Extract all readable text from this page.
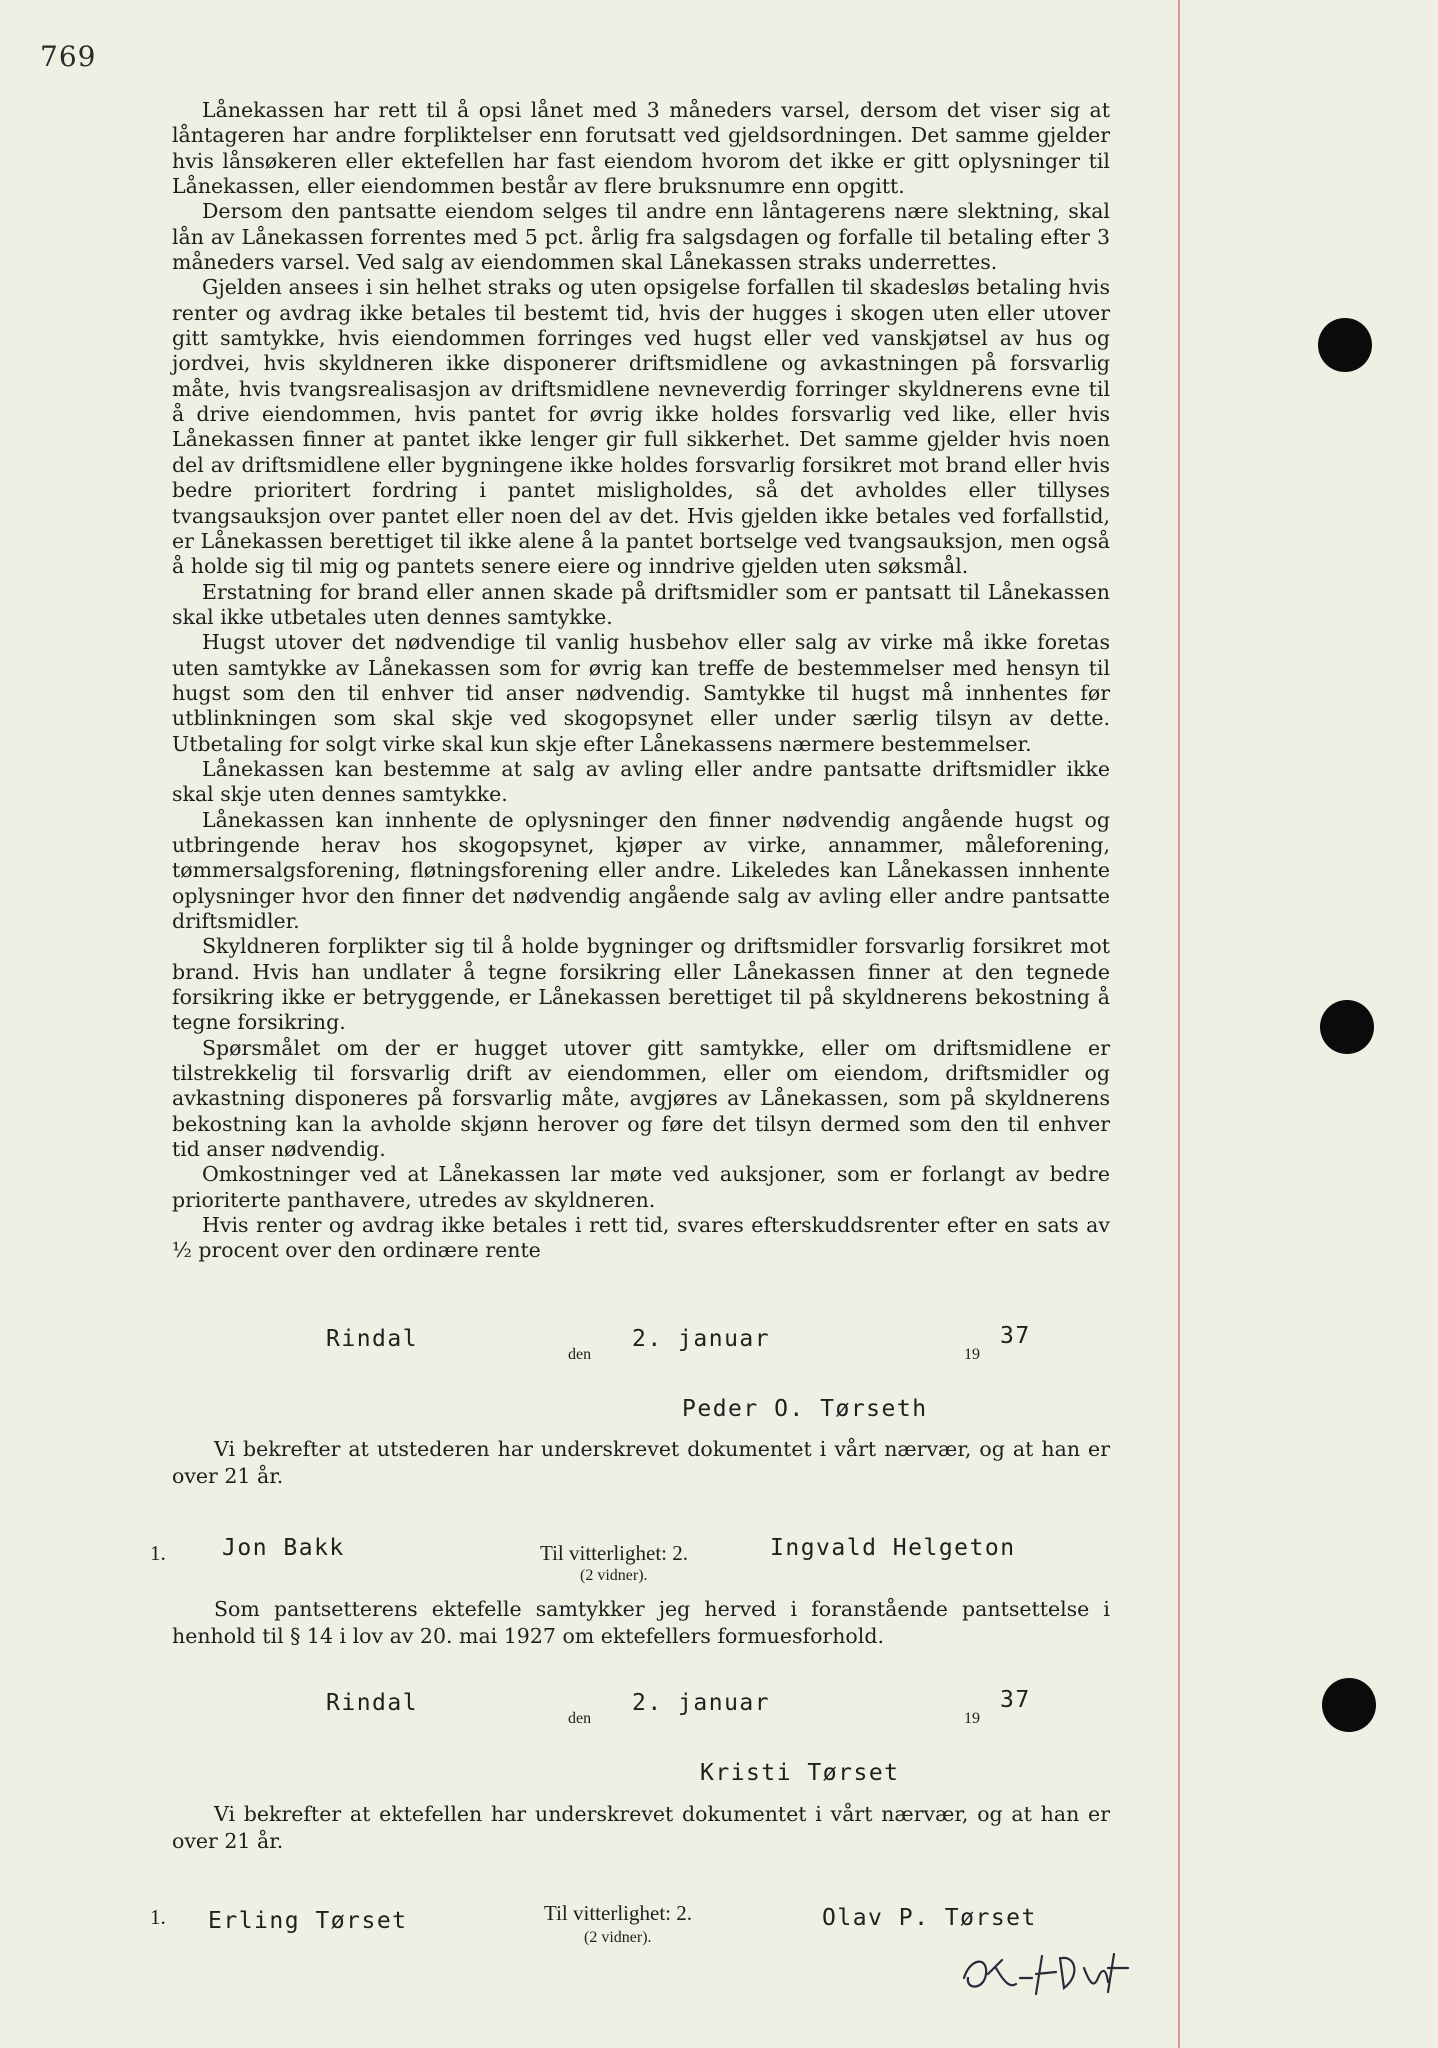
769

Lånekassen har rett til å opsi lånet med 3 måneders varsel, dersom det viser sig at låntageren har andre forpliktelser enn forutsatt ved gjeldsordningen. Det samme gjelder hvis lånsøkeren eller ektefellen har fast eiendom hvorom det ikke er gitt oplysninger til Lånekassen, eller eiendommen består av flere bruksnumre enn opgitt.

Dersom den pantsatte eiendom selges til andre enn låntagerens nære slektning, skal lån av Lånekassen forrentes med 5 pct. årlig fra salgsdagen og forfalle til betaling efter 3 måneders varsel. Ved salg av eiendommen skal Lånekassen straks underrettes.

Gjelden ansees i sin helhet straks og uten opsigelse forfallen til skadesløs betaling hvis renter og avdrag ikke betales til bestemt tid, hvis der hugges i skogen uten eller utover gitt samtykke, hvis eiendommen forringes ved hugst eller ved vanskjøtsel av hus og jordvei, hvis skyldneren ikke disponerer driftsmidlene og avkastningen på forsvarlig måte, hvis tvangsrealisasjon av driftsmidlene nevneverdig forringer skyldnerens evne til å drive eiendommen, hvis pantet for øvrig ikke holdes forsvarlig ved like, eller hvis Lånekassen finner at pantet ikke lenger gir full sikkerhet. Det samme gjelder hvis noen del av driftsmidlene eller bygningene ikke holdes forsvarlig forsikret mot brand eller hvis bedre prioritert fordring i pantet misligholdes, så det avholdes eller tillyses tvangsauksjon over pantet eller noen del av det. Hvis gjelden ikke betales ved forfallstid, er Lånekassen berettiget til ikke alene å la pantet bortselge ved tvangsauksjon, men også å holde sig til mig og pantets senere eiere og inndrive gjelden uten søksmål.

Erstatning for brand eller annen skade på driftsmidler som er pantsatt til Lånekassen skal ikke utbetales uten dennes samtykke.

Hugst utover det nødvendige til vanlig husbehov eller salg av virke må ikke foretas uten samtykke av Lånekassen som for øvrig kan treffe de bestemmelser med hensyn til hugst som den til enhver tid anser nødvendig. Samtykke til hugst må innhentes før utblinkningen som skal skje ved skogopsynet eller under særlig tilsyn av dette. Utbetaling for solgt virke skal kun skje efter Lånekassens nærmere bestemmelser.

Lånekassen kan bestemme at salg av avling eller andre pantsatte driftsmidler ikke skal skje uten dennes samtykke.

Lånekassen kan innhente de oplysninger den finner nødvendig angående hugst og utbringende herav hos skogopsynet, kjøper av virke, annammer, måleforening, tømmersalgsforening, fløtningsforening eller andre. Likeledes kan Lånekassen innhente oplysninger hvor den finner det nødvendig angående salg av avling eller andre pantsatte driftsmidler.

Skyldneren forplikter sig til å holde bygninger og driftsmidler forsvarlig forsikret mot brand. Hvis han undlater å tegne forsikring eller Lånekassen finner at den tegnede forsikring ikke er betryggende, er Lånekassen berettiget til på skyldnerens bekostning å tegne forsikring.

Spørsmålet om der er hugget utover gitt samtykke, eller om driftsmidlene er tilstrekkelig til forsvarlig drift av eiendommen, eller om eiendom, driftsmidler og avkastning disponeres på forsvarlig måte, avgjøres av Lånekassen, som på skyldnerens bekostning kan la avholde skjønn herover og føre det tilsyn dermed som den til enhver tid anser nødvendig.

Omkostninger ved at Lånekassen lar møte ved auksjoner, som er forlangt av bedre prioriterte panthavere, utredes av skyldneren.

Hvis renter og avdrag ikke betales i rett tid, svares efterskuddsrenter efter en sats av ½ procent over den ordinære rente

Rindal
den
2. januar
19
37
Peder O. Tørseth

Vi bekrefter at utstederen har underskrevet dokumentet i vårt nærvær, og at han er over 21 år.

1. Jon Bakk	Til vitterlighet: 2.
(2 vidner).
Ingvald Helgeton

Som pantsetterens ektefelle samtykker jeg herved i foranstående pantsettelse i henhold til § 14 i lov av 20. mai 1927 om ektefellers formuesforhold.

Rindal
den
2. januar
19
37
Kristi Tørset

Vi bekrefter at ektefellen har underskrevet dokumentet i vårt nærvær, og at han er over 21 år.

1. Erling Tørset	Til vitterlighet: 2.
(2 vidner).
Olav P. Tørset
